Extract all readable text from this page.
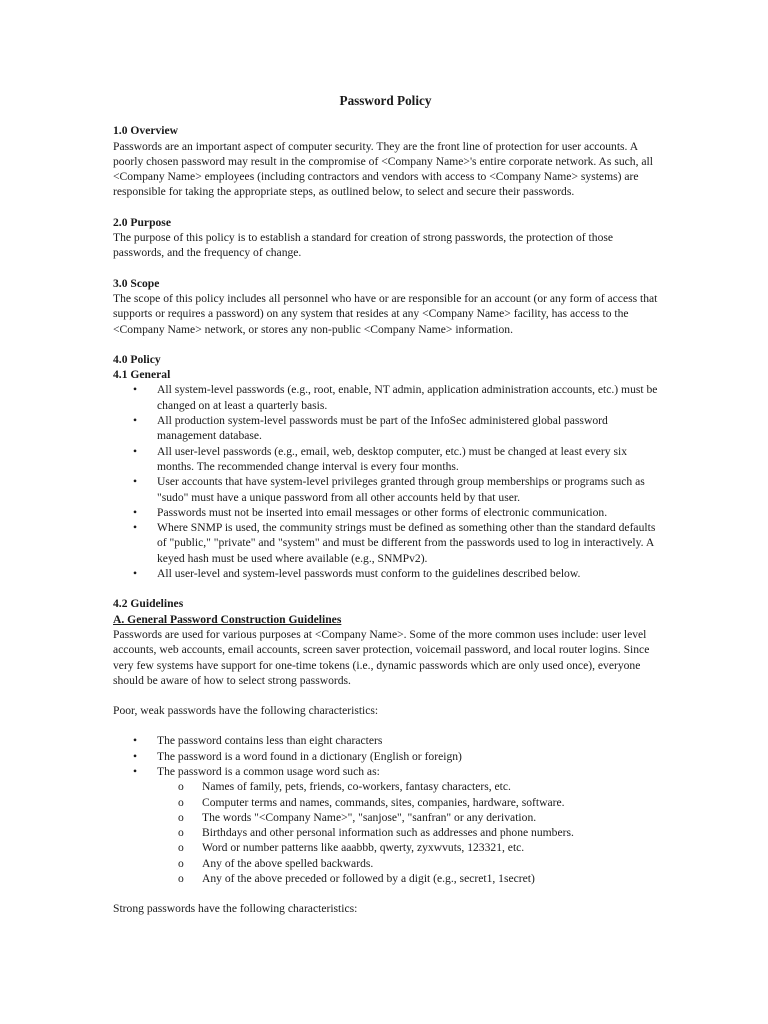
Password Policy
1.0 Overview

Passwords are an important aspect of computer security. They are the front line of protection for user accounts. A poorly chosen password may result in the compromise of <Company Name>'s entire corporate network. As such, all <Company Name> employees (including contractors and vendors with access to <Company Name> systems) are responsible for taking the appropriate steps, as outlined below, to select and secure their passwords.

2.0 Purpose

The purpose of this policy is to establish a standard for creation of strong passwords, the protection of those passwords, and the frequency of change.

3.0 Scope

The scope of this policy includes all personnel who have or are responsible for an account (or any form of access that supports or requires a password) on any system that resides at any <Company Name> facility, has access to the <Company Name> network, or stores any non-public <Company Name> information.

4.0 Policy
4.1 General
• All system-level passwords (e.g., root, enable, NT admin, application administration accounts, etc.) must be changed on at least a quarterly basis.
• All production system-level passwords must be part of the InfoSec administered global password management database.
• All user-level passwords (e.g., email, web, desktop computer, etc.) must be changed at least every six months. The recommended change interval is every four months.
• User accounts that have system-level privileges granted through group memberships or programs such as "sudo" must have a unique password from all other accounts held by that user.
• Passwords must not be inserted into email messages or other forms of electronic communication.
• Where SNMP is used, the community strings must be defined as something other than the standard defaults of "public," "private" and "system" and must be different from the passwords used to log in interactively. A keyed hash must be used where available (e.g., SNMPv2).
• All user-level and system-level passwords must conform to the guidelines described below.
4.2 Guidelines
A. General Password Construction Guidelines

Passwords are used for various purposes at <Company Name>. Some of the more common uses include: user level accounts, web accounts, email accounts, screen saver protection, voicemail password, and local router logins. Since very few systems have support for one-time tokens (i.e., dynamic passwords which are only used once), everyone should be aware of how to select strong passwords.

Poor, weak passwords have the following characteristics:

• The password contains less than eight characters
• The password is a word found in a dictionary (English or foreign)
• The password is a common usage word such as:
o Names of family, pets, friends, co-workers, fantasy characters, etc.
o Computer terms and names, commands, sites, companies, hardware, software.
o The words "<Company Name>", "sanjose", "sanfran" or any derivation.
o Birthdays and other personal information such as addresses and phone numbers.
o Word or number patterns like aaabbb, qwerty, zyxwvuts, 123321, etc.
o Any of the above spelled backwards.
o Any of the above preceded or followed by a digit (e.g., secret1, 1secret)

Strong passwords have the following characteristics:
